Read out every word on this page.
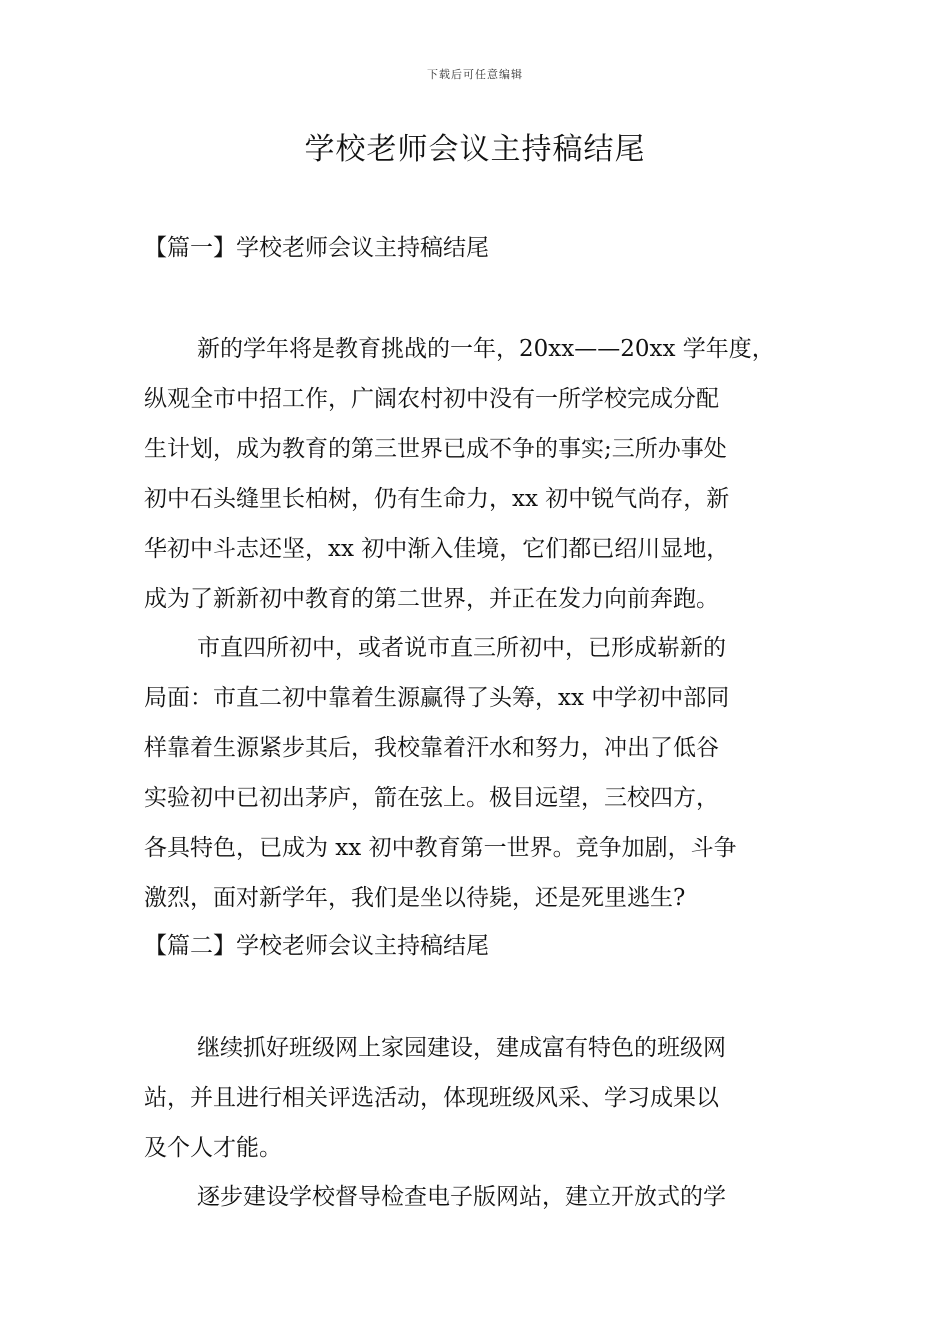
下载后可任意编辑
学校老师会议主持稿结尾
【篇一】学校老师会议主持稿结尾
新的学年将是教育挑战的一年，20xx——20xx 学年度，
纵观全市中招工作，广阔农村初中没有一所学校完成分配
生计划，成为教育的第三世界已成不争的事实;三所办事处
初中石头缝里长柏树，仍有生命力，xx 初中锐气尚存，新
华初中斗志还坚，xx 初中渐入佳境，它们都已绍川显地，
成为了新新初中教育的第二世界，并正在发力向前奔跑。
市直四所初中，或者说市直三所初中，已形成崭新的
局面：市直二初中靠着生源赢得了头筹，xx 中学初中部同
样靠着生源紧步其后，我校靠着汗水和努力，冲出了低谷
实验初中已初出茅庐，箭在弦上。极目远望，三校四方，
各具特色，已成为 xx 初中教育第一世界。竞争加剧，斗争
激烈，面对新学年，我们是坐以待毙，还是死里逃生?
【篇二】学校老师会议主持稿结尾
继续抓好班级网上家园建设，建成富有特色的班级网
站，并且进行相关评选活动，体现班级风采、学习成果以
及个人才能。
逐步建设学校督导检查电子版网站，建立开放式的学
